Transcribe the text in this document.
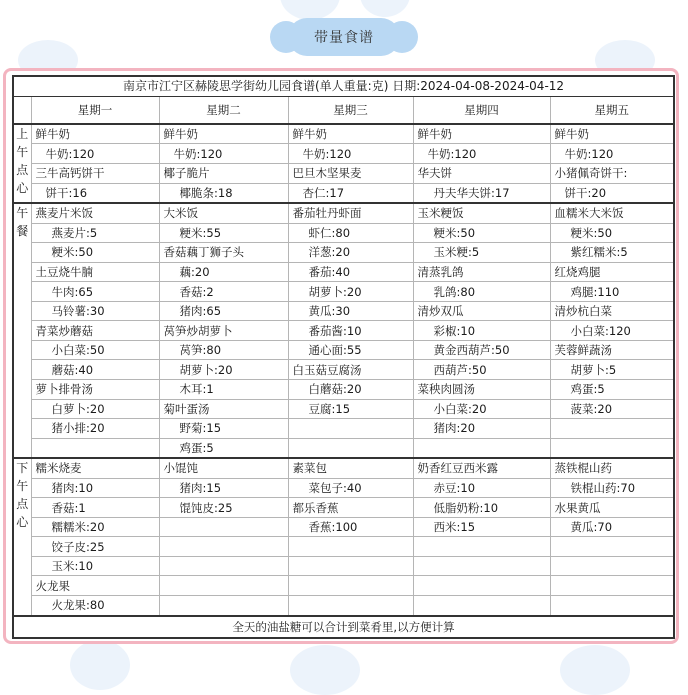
带量食谱
南京市江宁区赫陵思学街幼儿园食谱(单人重量:克) 日期:2024-04-08-2024-04-12					
	星期一	星期二	星期三	星期四	星期五
上
午
点
心	鲜牛奶	鲜牛奶	鲜牛奶	鲜牛奶	鲜牛奶
	牛奶:120	牛奶:120	牛奶:120	牛奶:120	牛奶:120
	三牛高钙饼干	椰子脆片	巴旦木坚果麦	华夫饼	小猪佩奇饼干:
	饼干:16	椰脆条:18	杏仁:17	丹夫华夫饼:17	饼干:20
午
餐	燕麦片米饭	大米饭	番茄牡丹虾面	玉米粳饭	血糯米大米饭
	燕麦片:5	粳米:55	虾仁:80	粳米:50	粳米:50
	粳米:50	香菇藕丁狮子头	洋葱:20	玉米粳:5	紫红糯米:5
	土豆烧牛腩	藕:20	番茄:40	清蒸乳鸽	红烧鸡腿
	牛肉:65	香菇:2	胡萝卜:20	乳鸽:80	鸡腿:110
	马铃薯:30	猪肉:65	黄瓜:30	清炒双瓜	清炒杭白菜
	青菜炒蘑菇	莴笋炒胡萝卜	番茄酱:10	彩椒:10	小白菜:120
	小白菜:50	莴笋:80	通心面:55	黄金西葫芦:50	芙蓉鲜蔬汤
	蘑菇:40	胡萝卜:20	白玉菇豆腐汤	西葫芦:50	胡萝卜:5
	萝卜排骨汤	木耳:1	白蘑菇:20	菜秧肉圆汤	鸡蛋:5
	白萝卜:20	菊叶蛋汤	豆腐:15	小白菜:20	菠菜:20
	猪小排:20	野菊:15		猪肉:20	
		鸡蛋:5			
下
午
点
心	糯米烧麦	小馄饨	素菜包	奶香红豆西米露	蒸铁棍山药
	猪肉:10	猪肉:15	菜包子:40	赤豆:10	铁棍山药:70
	香菇:1	馄饨皮:25	都乐香蕉	低脂奶粉:10	水果黄瓜
	糯糯米:20		香蕉:100	西米:15	黄瓜:70
	饺子皮:25				
	玉米:10				
	火龙果				
	火龙果:80				
全天的油盐糖可以合计到菜肴里,以方便计算					
